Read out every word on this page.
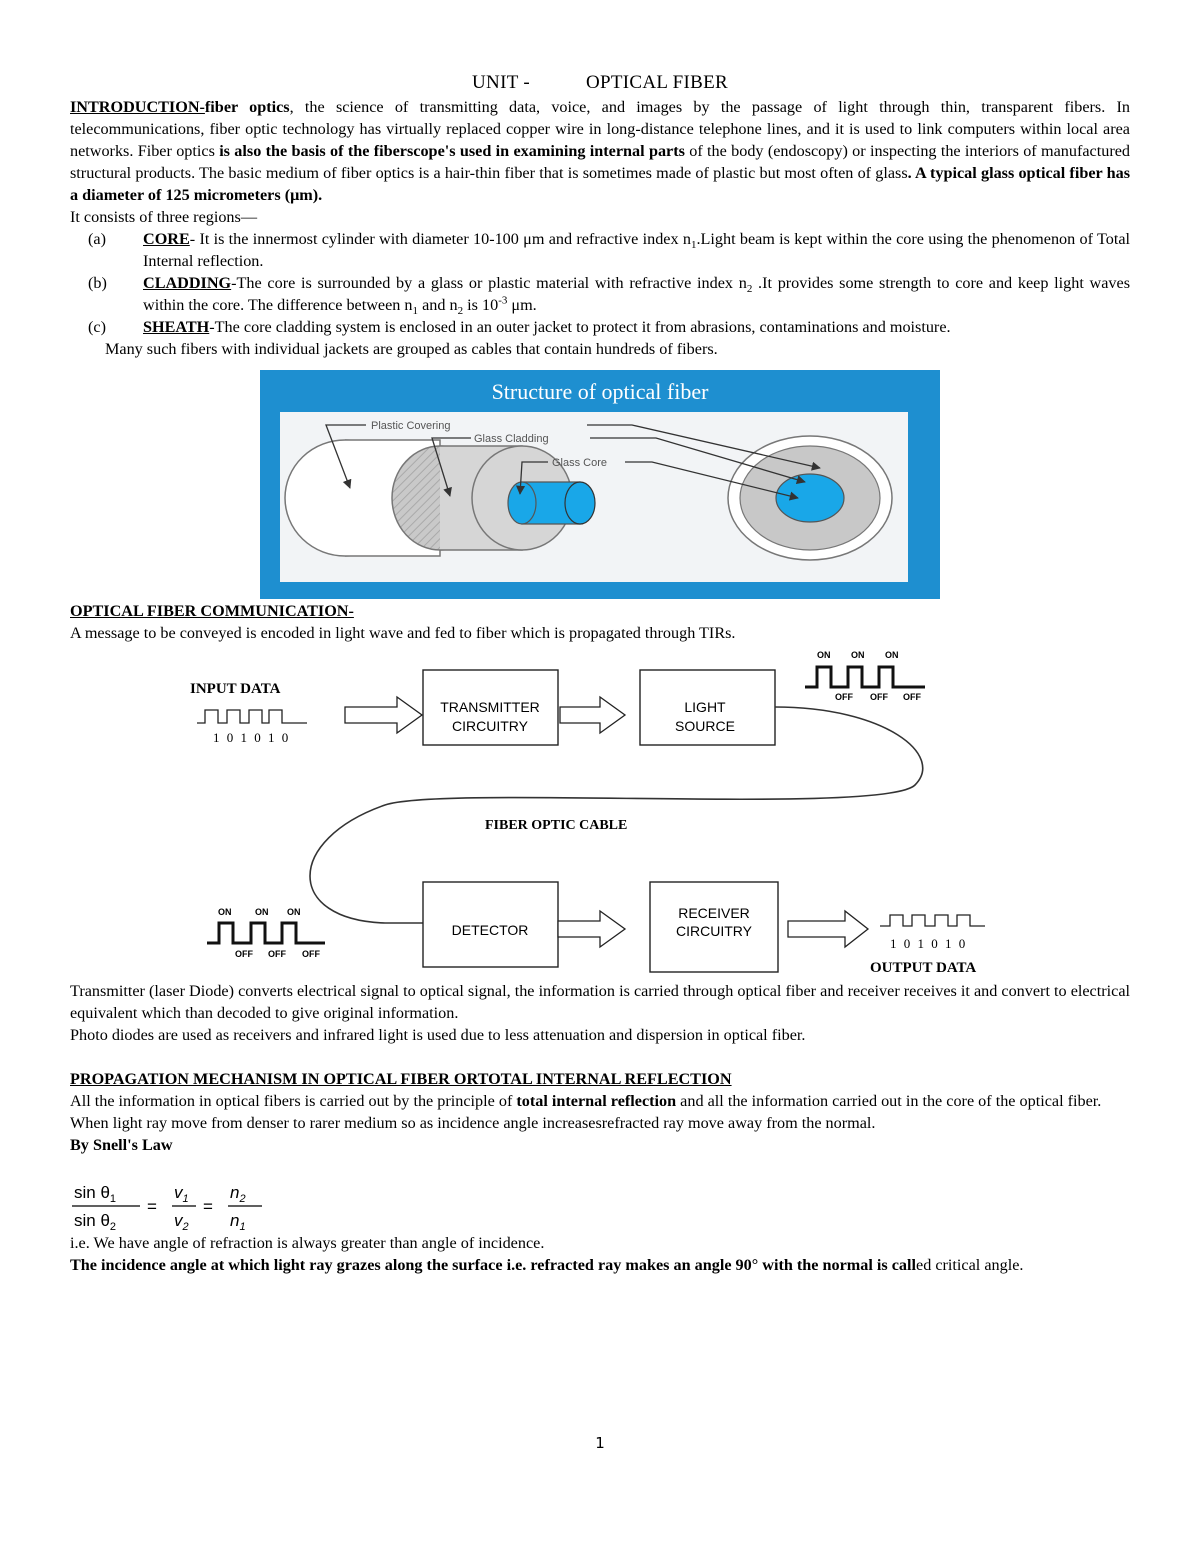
UNIT -	OPTICAL FIBER

INTRODUCTION-fiber optics, the science of transmitting data, voice, and images by the passage of light through thin, transparent fibers. In telecommunications, fiber optic technology has virtually replaced copper wire in long-distance telephone lines, and it is used to link computers within local area networks. Fiber optics is also the basis of the fiberscope's used in examining internal parts of the body (endoscopy) or inspecting the interiors of manufactured structural products. The basic medium of fiber optics is a hair-thin fiber that is sometimes made of plastic but most often of glass. A typical glass optical fiber has a diameter of 125 micrometers (μm).

It consists of three regions—

(a) CORE- It is the innermost cylinder with diameter 10-100 μm and refractive index $n_1.Light$ beam is kept within the core using the phenomenon of Total Internal reflection.
(b) CLADDING-The core is surrounded by a glass or plastic material with refractive index $n_2$ .It provides some strength to core and keep light waves within the core. The difference between $n_1$ and $n_2$ is $10^{-3}$ μm.
(c) SHEATH-The core cladding system is enclosed in an outer jacket to protect it from abrasions, contaminations and moisture.

Many such fibers with individual jackets are grouped as cables that contain hundreds of fibers.

Structure of optical fiber
Plastic Covering
Glass Cladding
Glass Core

OPTICAL FIBER COMMUNICATION-

A message to be conveyed is encoded in light wave and fed to fiber which is propagated through TIRs.

INPUT DATA
1 0 1 0 1 0
TRANSMITTER
CIRCUITRY
LIGHT
SOURCE
ON ON ON
OFF OFF OFF
FIBER OPTIC CABLE
DETECTOR
RECEIVER
CIRCUITRY
ON	ON ON
OFF OFF OFF
1 0 1 0 1 0
OUTPUT DATA

Transmitter (laser Diode) converts electrical signal to optical signal, the information is carried through optical fiber and receiver receives it and convert to electrical equivalent which than decoded to give original information.

Photo diodes are used as receivers and infrared light is used due to less attenuation and dispersion in optical fiber.

PROPAGATION MECHANISM IN OPTICAL FIBER ORTOTAL INTERNAL REFLECTION

All the information in optical fibers is carried out by the principle of total internal reflection and all the information carried out in the core of the optical fiber.

When light ray move from denser to rarer medium so as incidence angle increasesrefracted ray move away from the normal.

By Snell's Law

$\sin \theta_1$
$\sin \theta_2$
=
$v_1$
$v_2$
=
$n_2$
$n_1$

i.e. We have angle of refraction is always greater than angle of incidence.

The incidence angle at which light ray grazes along the surface i.e. refracted ray makes an angle 90° with the normal is called critical angle.

1
